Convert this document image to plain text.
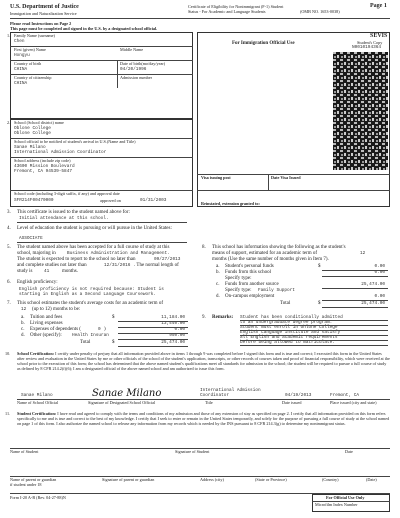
U.S. Department of Justice
Immigration and Naturalization Service
Certificate of Eligibility for Nonimmigrant (F-1) Student
Status - For Academic and Language Students	(OMB NO. 1653-0038)
Page 1
Please read Instructions on Page 2
This page must be completed and signed in the U.S. by a designated school official.
1. Family Name (surname)
Chen
First (given) Name	Middle Name
Hongyu
Country of birth	Date of birth(mo/day/year)
CHINA	04/20/1996
Country of citizenship	Admission number
CHINA
2. School (School district) name
Oblone College
Oblone College
School official to be notified of student's arrival in U.S.(Name and Title)
Sanae Milano
International Admission Coordinator
School address (include zip code)
43600 Mission Boulevard
Fremont, CA 94539-5847
School code (including 3-digit suffix, if any) and approval date
SFR214F00470000	approved on	01/31/2003
For Immigration Official Use
SEVIS
Student's Copy
N0010194364
Visa issuing post	Date Visa Issued
Reinstated, extension granted to:
3. This certificate is issued to the student named above for:
Initial attendance at this school.
4. Level of education the student is pursuing or will pursue in the United States:
ASSOCIATE
5. The student named above has been accepted for a full course of study at this
school, majoring in	Business Administration and Management.
The student is expected to report to the school no later than	09/27/2013
and complete studies not later than	12/31/2016 . The normal length of
study is	41	months.
6. English proficiency:
English proficiency is not required because: Student is
starting in English as a Second Language Coursework.
7. This school estimates the student's average costs for an academic term of
12 (up to 12) months to be:
a. Tuition and fees	$	11,184.00
b. Living expenses	13,440.00
c. Expenses of dependents (	0 )	0.00
d. Other (specify): Health Insuran	950.00
Total	$	25,474.00
8. This school has information showing the following as the student's
means of support, estimated for an academic term of	12
months (Use the same number of months given in Item 7).
a. Student's personal funds	$	0.00
b. Funds from this school	0.00
Specify type:
c. Funds from another source	25,474.00
Specify type: Family Support
d. On-campus employment	0.00
Total	$	25,474.00
9. Remarks: Student has been conditionally admitted
to an undergraduate degree program.
Student must enroll in Ohlone College
English Language Institute and satisfy
all English and academic requirements
before being allowed to matriculate.
10. School Certification: I certify under penalty of perjury that all information provided above in items 1 through 9 was completed before I signed this form and is true and correct; I executed this form in the United States after review and evaluation in the United States by me or other officials of the school of the student's application, transcripts, or other records of courses taken and proof of financial responsibility, which were received at the school prior to the execution of this form; the school has determined that the above named student's qualifications meet all standards for admission to the school; the student will be required to pursue a full course of study as defined by 8 CFR 214.2(f)(6); I am a designated official of the above named school and am authorized to issue this form.
Sanae Milano	Sanae Milano	International Admission
Coordinator	04/19/2013	Fremont, CA
Name of School Official	Signature of Designated School Official	Title	Date issued	Place issued (city and state)
11. Student Certification: I have read and agreed to comply with the terms and conditions of my admission and those of any extension of stay as specified on page 2. I certify that all information provided on this form refers specifically to me and is true and correct to the best of my knowledge. I certify that I seek to enter or remain in the United States temporarily, and solely for the purpose of pursuing a full course of study at the school named on page 1 of this form. I also authorize the named school to release any information from my records which is needed by the INS pursuant to 8 CFR 214.3(g) to determine my nonimmigrant status.
Name of Student	Signature of Student	Date
Name of parent or guardian	Signature of parent or guardian	Address (city)	(State or Province)	(Country)	(Date)
if student under 18
Form I-20 A-B (Rev. 04-27-88)N	For Official Use Only
Microfilm Index Number
